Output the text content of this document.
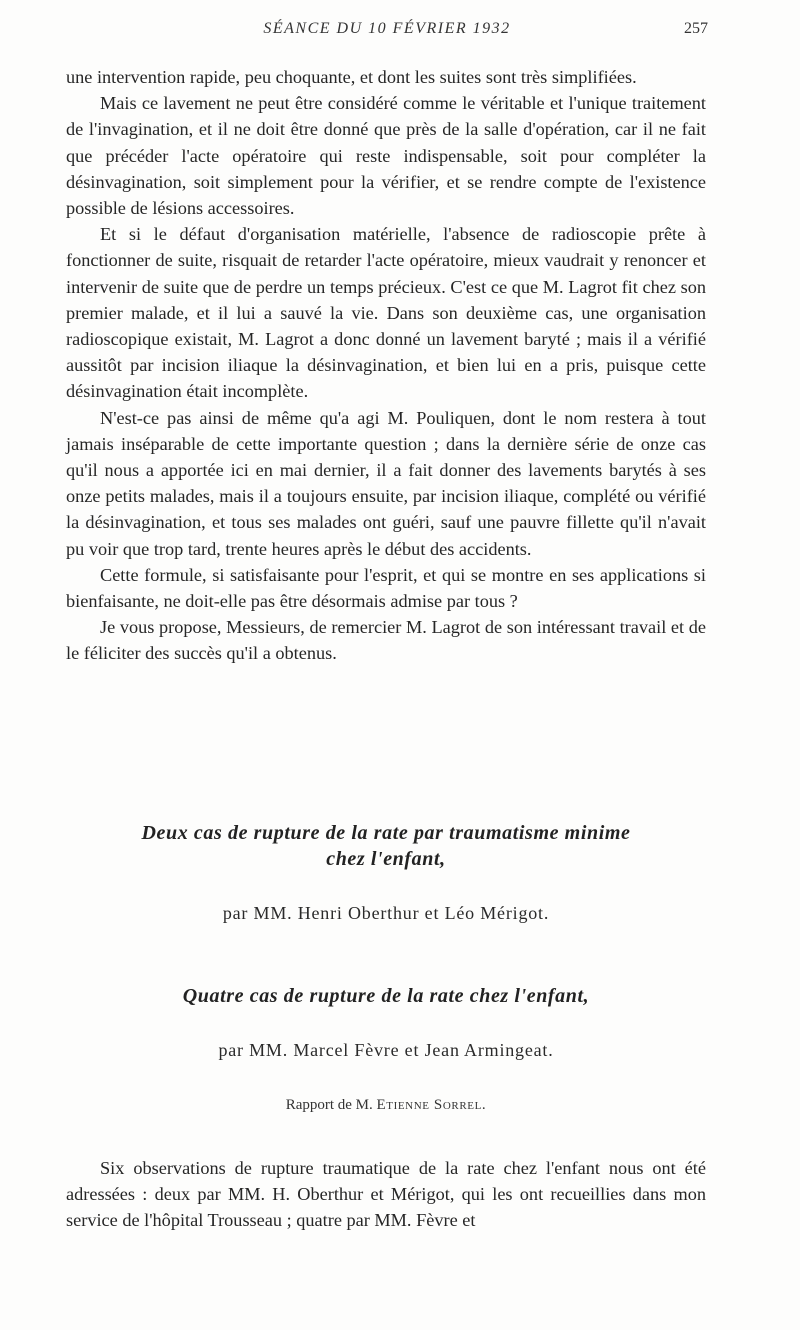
SÉANCE DU 10 FÉVRIER 1932	257

une intervention rapide, peu choquante, et dont les suites sont très simplifiées.

Mais ce lavement ne peut être considéré comme le véritable et l'unique traitement de l'invagination, et il ne doit être donné que près de la salle d'opération, car il ne fait que précéder l'acte opératoire qui reste indispensable, soit pour compléter la désinvagination, soit simplement pour la vérifier, et se rendre compte de l'existence possible de lésions accessoires.

Et si le défaut d'organisation matérielle, l'absence de radioscopie prête à fonctionner de suite, risquait de retarder l'acte opératoire, mieux vaudrait y renoncer et intervenir de suite que de perdre un temps précieux. C'est ce que M. Lagrot fit chez son premier malade, et il lui a sauvé la vie. Dans son deuxième cas, une organisation radioscopique existait, M. Lagrot a donc donné un lavement baryté ; mais il a vérifié aussitôt par incision iliaque la désinvagination, et bien lui en a pris, puisque cette désinvagination était incomplète.

N'est-ce pas ainsi de même qu'a agi M. Pouliquen, dont le nom restera à tout jamais inséparable de cette importante question ; dans la dernière série de onze cas qu'il nous a apportée ici en mai dernier, il a fait donner des lavements barytés à ses onze petits malades, mais il a toujours ensuite, par incision iliaque, complété ou vérifié la désinvagination, et tous ses malades ont guéri, sauf une pauvre fillette qu'il n'avait pu voir que trop tard, trente heures après le début des accidents.

Cette formule, si satisfaisante pour l'esprit, et qui se montre en ses applications si bienfaisante, ne doit-elle pas être désormais admise par tous ?

Je vous propose, Messieurs, de remercier M. Lagrot de son intéressant travail et de le féliciter des succès qu'il a obtenus.

Deux cas de rupture de la rate par traumatisme minime
chez l'enfant,
par MM. Henri Oberthur et Léo Mérigot.
Quatre cas de rupture de la rate chez l'enfant,
par MM. Marcel Fèvre et Jean Armingeat.
Rapport de M. Etienne Sorrel.

Six observations de rupture traumatique de la rate chez l'enfant nous ont été adressées : deux par MM. H. Oberthur et Mérigot, qui les ont recueillies dans mon service de l'hôpital Trousseau ; quatre par MM. Fèvre et
